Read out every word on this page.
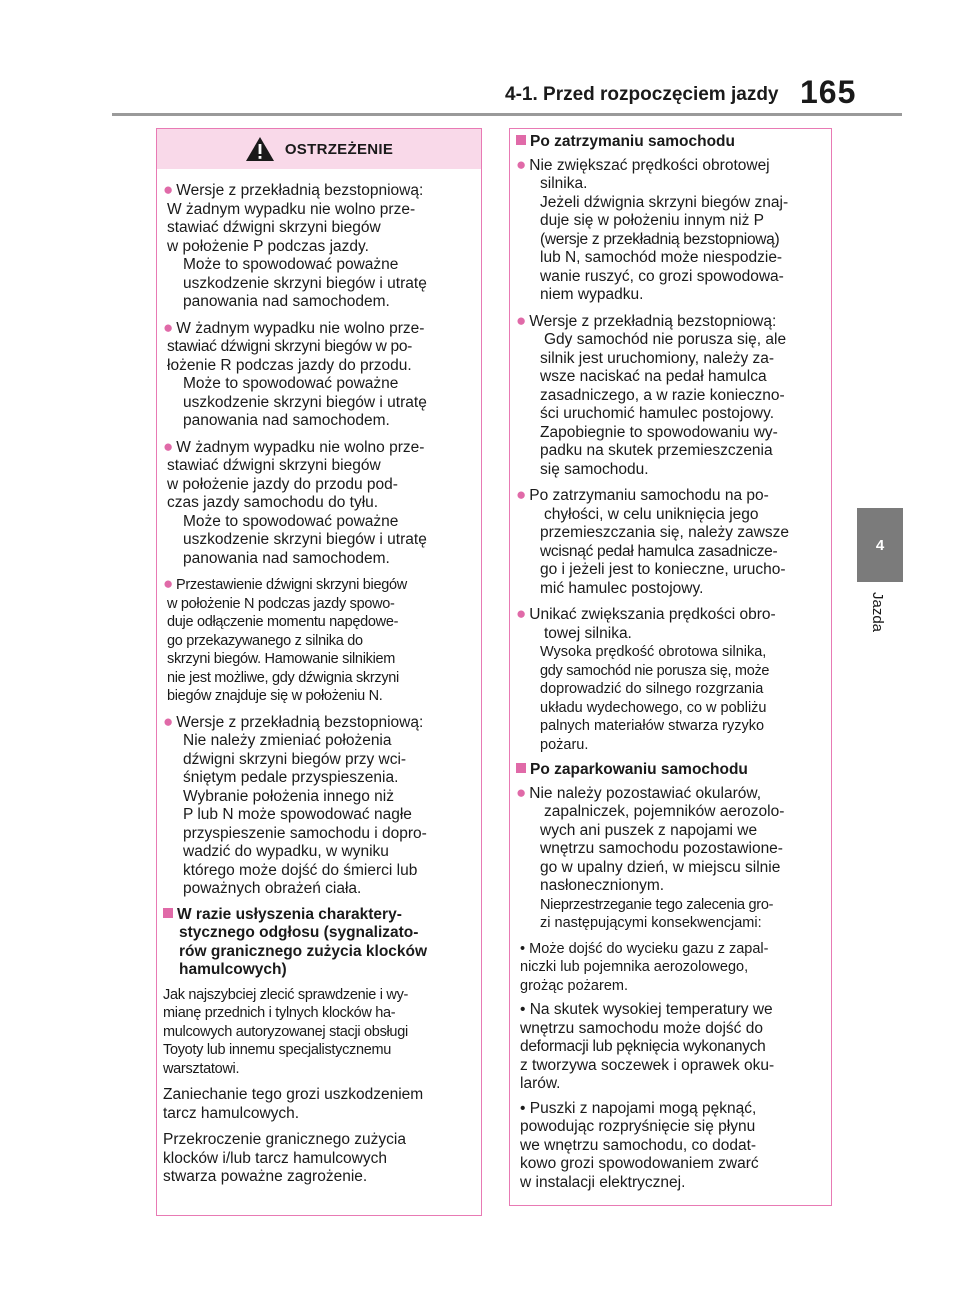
4-1. Przed rozpoczęciem jazdy 165
4
Jazda
OSTRZEŻENIE

● Wersje z przekładnią bezstopniową:

W żadnym wypadku nie wolno prze-

stawiać dźwigni skrzyni biegów

w położenie P podczas jazdy.

Może to spowodować poważne

uszkodzenie skrzyni biegów i utratę

panowania nad samochodem.

● W żadnym wypadku nie wolno prze-

stawiać dźwigni skrzyni biegów w po-

łożenie R podczas jazdy do przodu.

Może to spowodować poważne

uszkodzenie skrzyni biegów i utratę

panowania nad samochodem.

● W żadnym wypadku nie wolno prze-

stawiać dźwigni skrzyni biegów

w położenie jazdy do przodu pod-

czas jazdy samochodu do tyłu.

Może to spowodować poważne

uszkodzenie skrzyni biegów i utratę

panowania nad samochodem.

● Przestawienie dźwigni skrzyni biegów

w położenie N podczas jazdy spowo-

duje odłączenie momentu napędowe-

go przekazywanego z silnika do

skrzyni biegów. Hamowanie silnikiem

nie jest możliwe, gdy dźwignia skrzyni

biegów znajduje się w położeniu N.

● Wersje z przekładnią bezstopniową:

Nie należy zmieniać położenia

dźwigni skrzyni biegów przy wci-

śniętym pedale przyspieszenia.

Wybranie położenia innego niż

P lub N może spowodować nagłe

przyspieszenie samochodu i dopro-

wadzić do wypadku, w wyniku

którego może dojść do śmierci lub

poważnych obrażeń ciała.

W razie usłyszenia charaktery-
stycznego odgłosu (sygnalizato-
rów granicznego zużycia klocków
hamulcowych)
Jak najszybciej zlecić sprawdzenie i wy-
mianę przednich i tylnych klocków ha-
mulcowych autoryzowanej stacji obsługi
Toyoty lub innemu specjalistycznemu
warsztatowi.
Zaniechanie tego grozi uszkodzeniem
tarcz hamulcowych.
Przekroczenie granicznego zużycia
klocków i/lub tarcz hamulcowych
stwarza poważne zagrożenie.
Po zatrzymaniu samochodu

● Nie zwiększać prędkości obrotowej

silnika.

Jeżeli dźwignia skrzyni biegów znaj-

duje się w położeniu innym niż P

(wersje z przekładnią bezstopniową)

lub N, samochód może niespodzie-

wanie ruszyć, co grozi spowodowa-

niem wypadku.

● Wersje z przekładnią bezstopniową:

Gdy samochód nie porusza się, ale

silnik jest uruchomiony, należy za-

wsze naciskać na pedał hamulca

zasadniczego, a w razie konieczno-

ści uruchomić hamulec postojowy.

Zapobiegnie to spowodowaniu wy-

padku na skutek przemieszczenia

się samochodu.

● Po zatrzymaniu samochodu na po-

chyłości, w celu uniknięcia jego

przemieszczania się, należy zawsze

wcisnąć pedał hamulca zasadnicze-

go i jeżeli jest to konieczne, urucho-

mić hamulec postojowy.

● Unikać zwiększania prędkości obro-

towej silnika.

Wysoka prędkość obrotowa silnika,

gdy samochód nie porusza się, może

doprowadzić do silnego rozgrzania

układu wydechowego, co w pobliżu

palnych materiałów stwarza ryzyko

pożaru.

Po zaparkowaniu samochodu

● Nie należy pozostawiać okularów,

zapalniczek, pojemników aerozolo-

wych ani puszek z napojami we

wnętrzu samochodu pozostawione-

go w upalny dzień, w miejscu silnie

nasłonecznionym.

Nieprzestrzeganie tego zalecenia gro-

zi następującymi konsekwencjami:

• Może dojść do wycieku gazu z zapal-
niczki lub pojemnika aerozolowego,
grożąc pożarem.
• Na skutek wysokiej temperatury we
wnętrzu samochodu może dojść do
deformacji lub pęknięcia wykonanych
z tworzywa soczewek i oprawek oku-
larów.
• Puszki z napojami mogą pęknąć,
powodując rozpryśnięcie się płynu
we wnętrzu samochodu, co dodat-
kowo grozi spowodowaniem zwarć
w instalacji elektrycznej.
